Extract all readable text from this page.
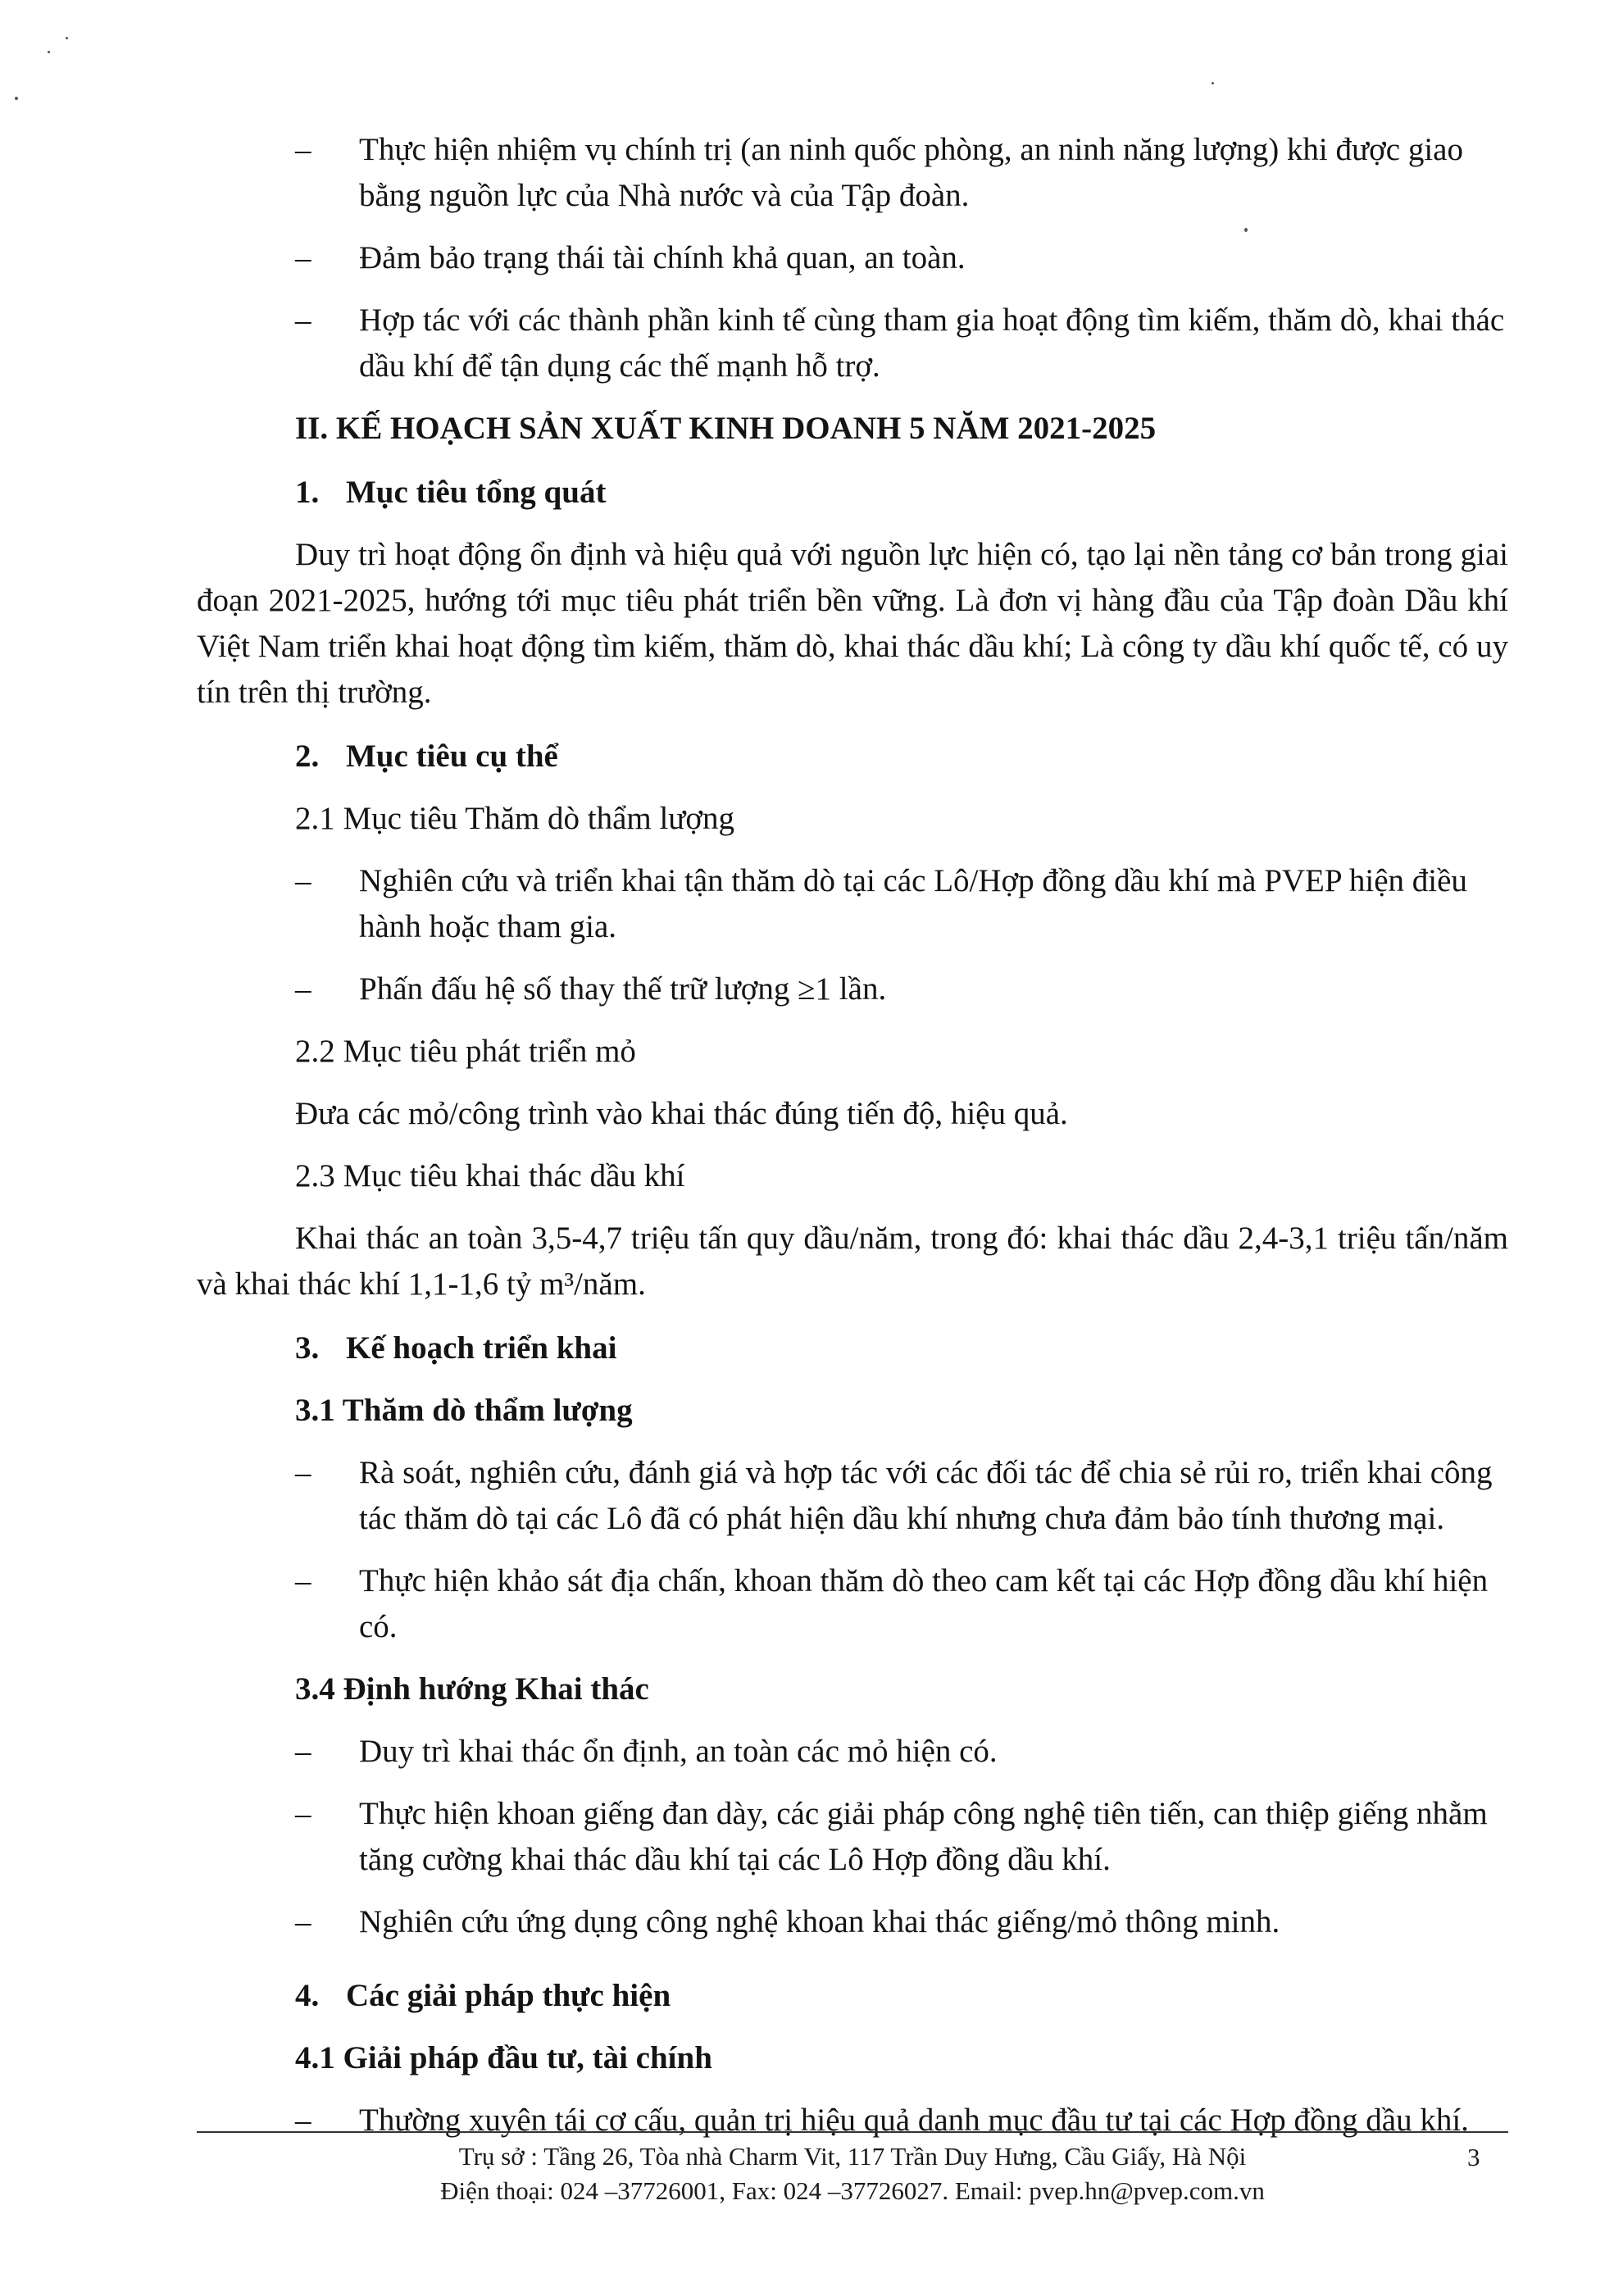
– Thực hiện nhiệm vụ chính trị (an ninh quốc phòng, an ninh năng lượng) khi được giao bằng nguồn lực của Nhà nước và của Tập đoàn.
– Đảm bảo trạng thái tài chính khả quan, an toàn.
– Hợp tác với các thành phần kinh tế cùng tham gia hoạt động tìm kiếm, thăm dò, khai thác dầu khí để tận dụng các thế mạnh hỗ trợ.
II. KẾ HOẠCH SẢN XUẤT KINH DOANH 5 NĂM 2021-2025
1. Mục tiêu tổng quát
Duy trì hoạt động ổn định và hiệu quả với nguồn lực hiện có, tạo lại nền tảng cơ bản trong giai đoạn 2021-2025, hướng tới mục tiêu phát triển bền vững. Là đơn vị hàng đầu của Tập đoàn Dầu khí Việt Nam triển khai hoạt động tìm kiếm, thăm dò, khai thác dầu khí; Là công ty dầu khí quốc tế, có uy tín trên thị trường.
2. Mục tiêu cụ thể
2.1 Mục tiêu Thăm dò thẩm lượng
– Nghiên cứu và triển khai tận thăm dò tại các Lô/Hợp đồng dầu khí mà PVEP hiện điều hành hoặc tham gia.
– Phấn đấu hệ số thay thế trữ lượng ≥1 lần.
2.2 Mục tiêu phát triển mỏ
Đưa các mỏ/công trình vào khai thác đúng tiến độ, hiệu quả.
2.3 Mục tiêu khai thác dầu khí
Khai thác an toàn 3,5-4,7 triệu tấn quy dầu/năm, trong đó: khai thác dầu 2,4-3,1 triệu tấn/năm và khai thác khí 1,1-1,6 tỷ m³/năm.
3. Kế hoạch triển khai
3.1 Thăm dò thẩm lượng
– Rà soát, nghiên cứu, đánh giá và hợp tác với các đối tác để chia sẻ rủi ro, triển khai công tác thăm dò tại các Lô đã có phát hiện dầu khí nhưng chưa đảm bảo tính thương mại.
– Thực hiện khảo sát địa chấn, khoan thăm dò theo cam kết tại các Hợp đồng dầu khí hiện có.
3.4 Định hướng Khai thác
– Duy trì khai thác ổn định, an toàn các mỏ hiện có.
– Thực hiện khoan giếng đan dày, các giải pháp công nghệ tiên tiến, can thiệp giếng nhằm tăng cường khai thác dầu khí tại các Lô Hợp đồng dầu khí.
– Nghiên cứu ứng dụng công nghệ khoan khai thác giếng/mỏ thông minh.
4. Các giải pháp thực hiện
4.1 Giải pháp đầu tư, tài chính
– Thường xuyên tái cơ cấu, quản trị hiệu quả danh mục đầu tư tại các Hợp đồng dầu khí.
Trụ sở : Tầng 26, Tòa nhà Charm Vit, 117 Trần Duy Hưng, Cầu Giấy, Hà Nội
Điện thoại: 024 –37726001, Fax: 024 –37726027. Email: pvep.hn@pvep.com.vn
3
